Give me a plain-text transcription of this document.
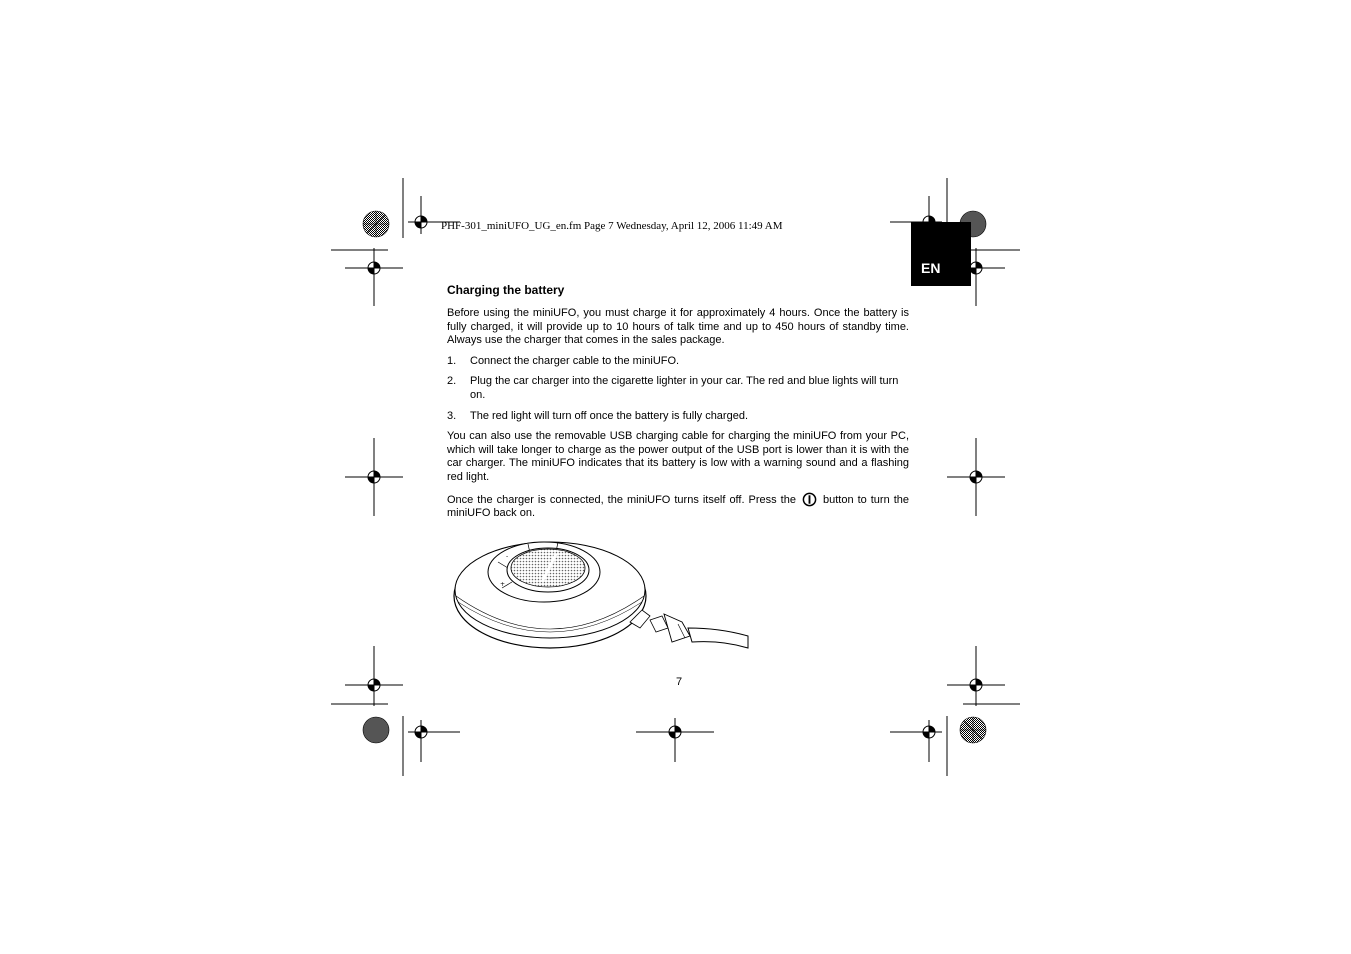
PHF-301_miniUFO_UG_en.fm Page 7 Wednesday, April 12, 2006 11:49 AM
EN
Charging the battery

Before using the miniUFO, you must charge it for approximately 4 hours. Once the battery is fully charged, it will provide up to 10 hours of talk time and up to 450 hours of standby time. Always use the charger that comes in the sales package.

1. Connect the charger cable to the miniUFO.
2. Plug the car charger into the cigarette lighter in your car. The red and blue lights will turn on.
3. The red light will turn off once the battery is fully charged.

You can also use the removable USB charging cable for charging the miniUFO from your PC, which will take longer to charge as the power output of the USB port is lower than it is with the car charger. The miniUFO indicates that its battery is low with a warning sound and a flashing red light.

Once the charger is connected, the miniUFO turns itself off. Press the button to turn the miniUFO back on.

-
+
7
